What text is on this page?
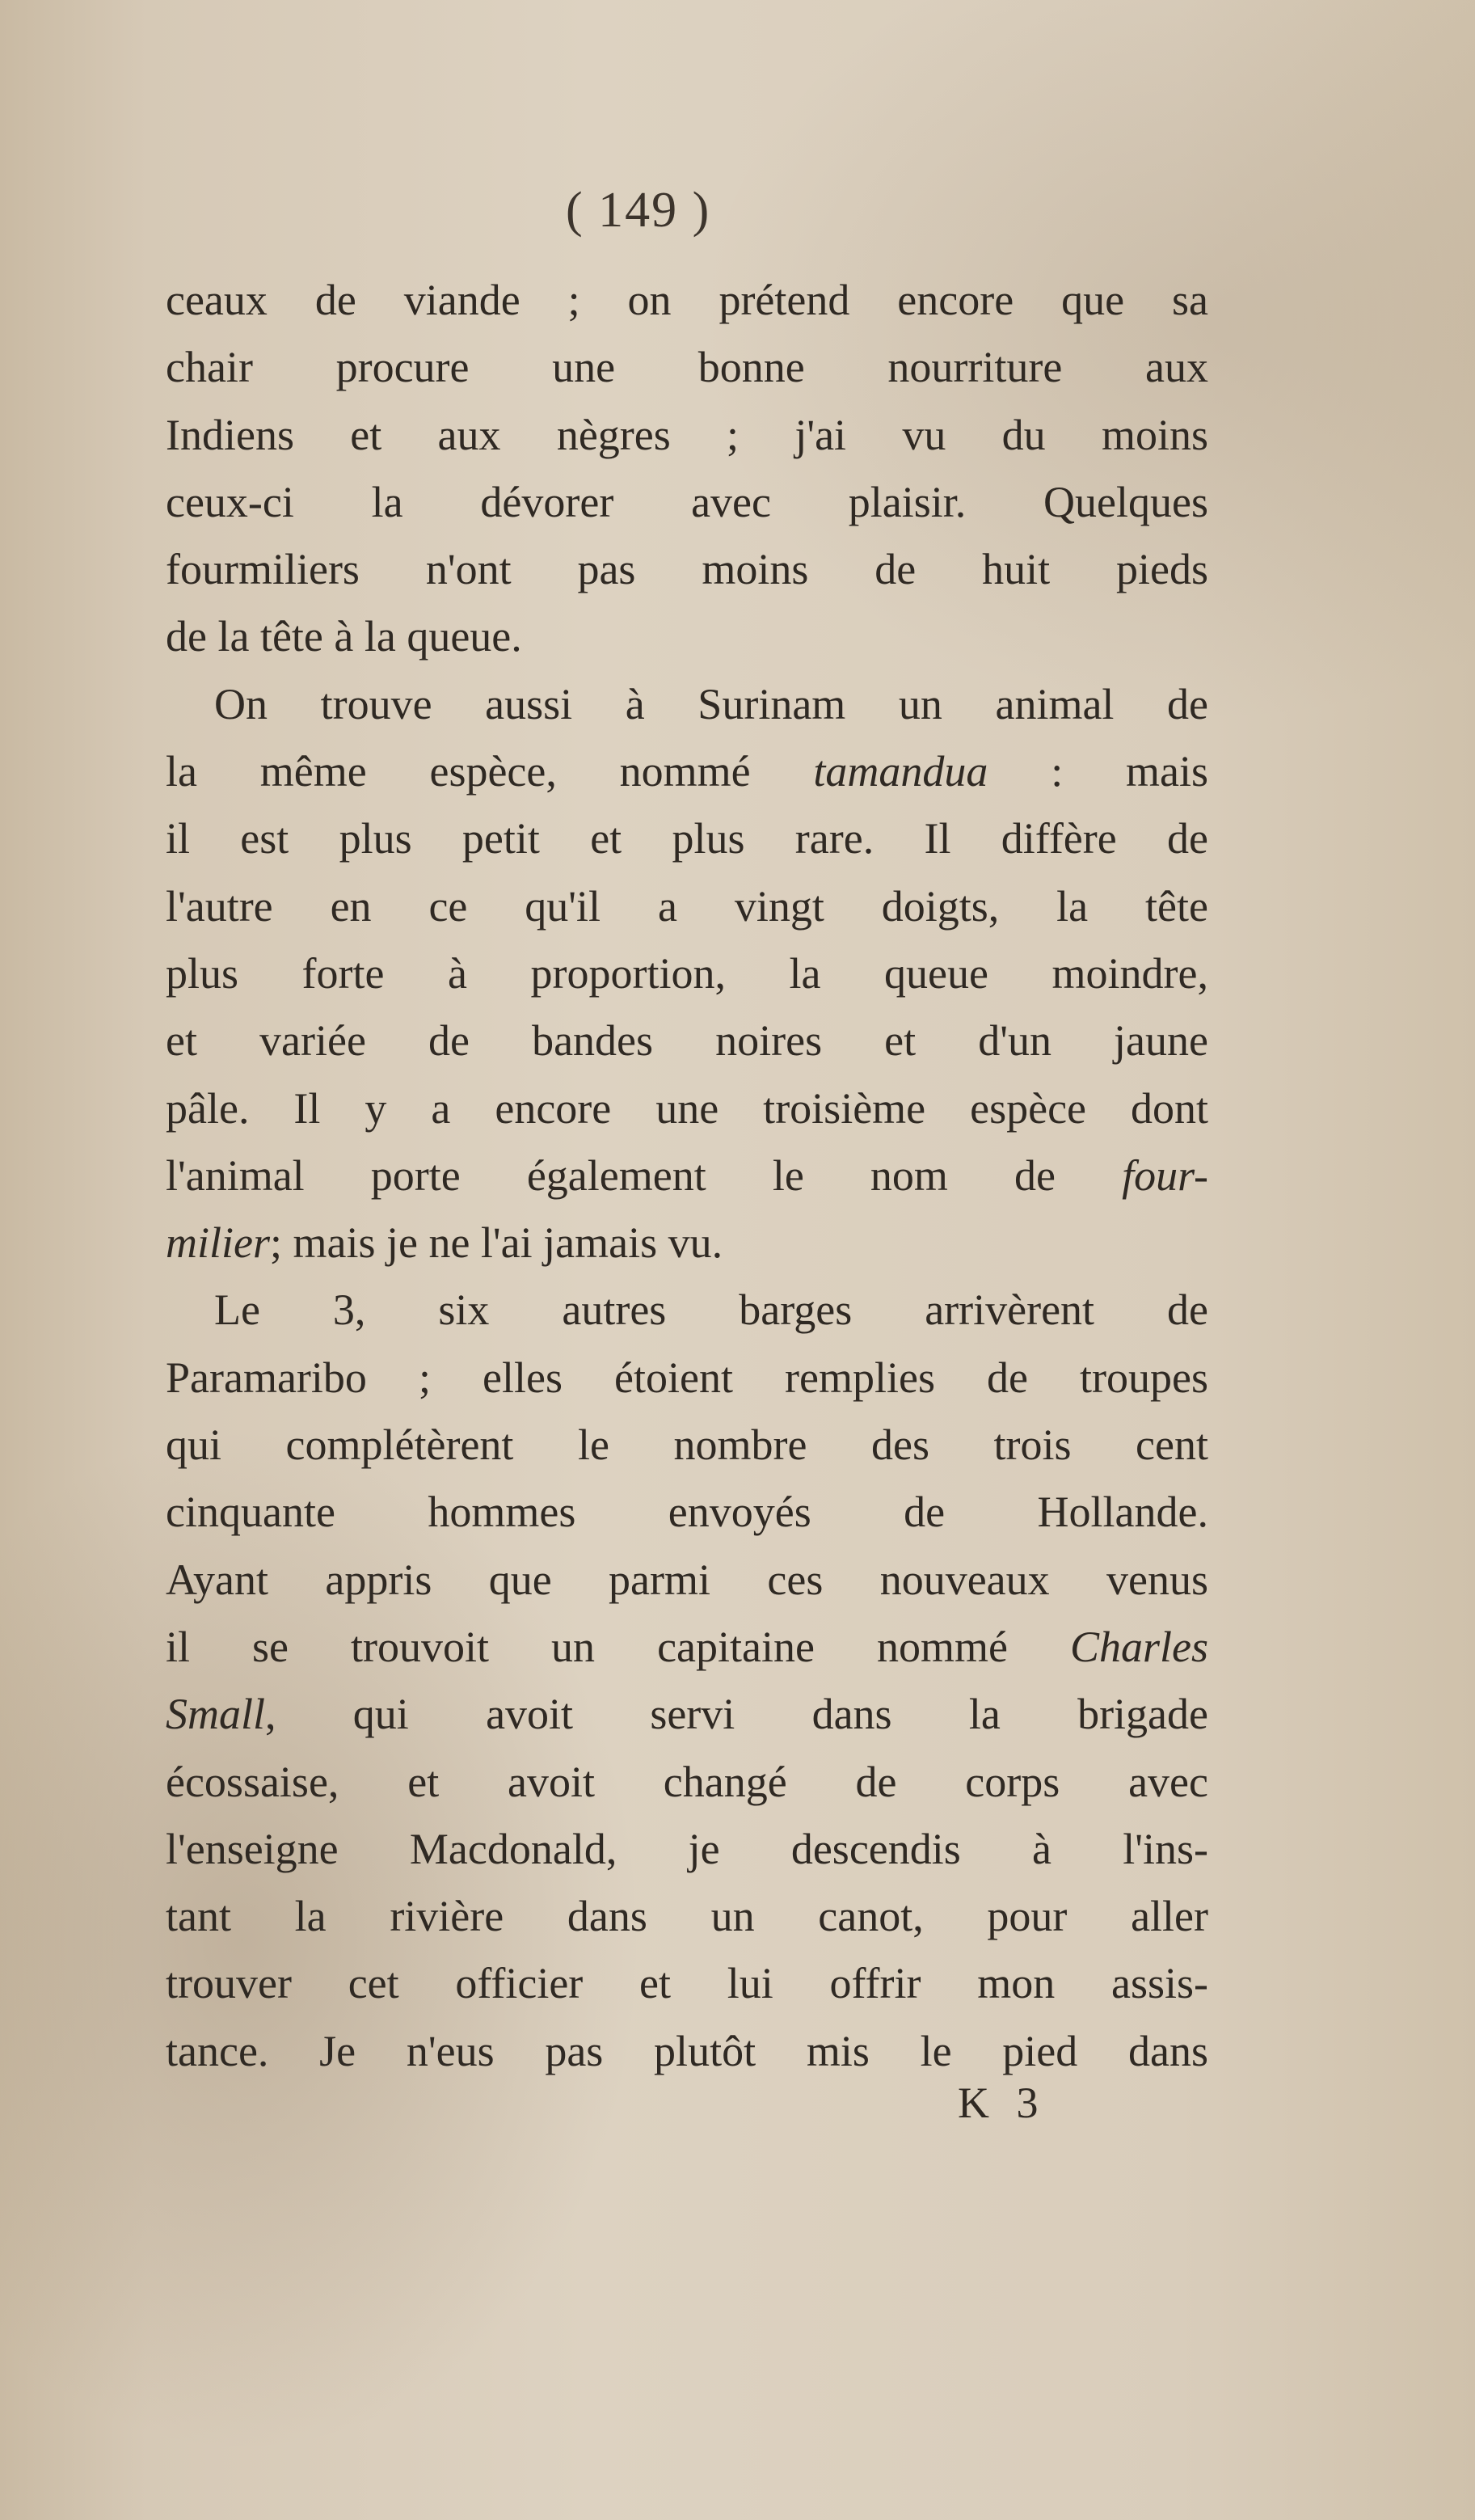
( 149 )
ceaux de viande ; on prétend encore que sa
chair procure une bonne nourriture aux
Indiens et aux nègres ; j'ai vu du moins
ceux-ci la dévorer avec plaisir. Quelques
fourmiliers n'ont pas moins de huit pieds
de la tête à la queue.
On trouve aussi à Surinam un animal de
la même espèce, nommé tamandua : mais
il est plus petit et plus rare. Il diffère de
l'autre en ce qu'il a vingt doigts, la tête
plus forte à proportion, la queue moindre,
et variée de bandes noires et d'un jaune
pâle. Il y a encore une troisième espèce dont
l'animal porte également le nom de four-
milier; mais je ne l'ai jamais vu.
Le 3, six autres barges arrivèrent de
Paramaribo ; elles étoient remplies de troupes
qui complétèrent le nombre des trois cent
cinquante hommes envoyés de Hollande.
Ayant appris que parmi ces nouveaux venus
il se trouvoit un capitaine nommé Charles
Small, qui avoit servi dans la brigade
écossaise, et avoit changé de corps avec
l'enseigne Macdonald, je descendis à l'ins-
tant la rivière dans un canot, pour aller
trouver cet officier et lui offrir mon assis-
tance. Je n'eus pas plutôt mis le pied dans
K 3
